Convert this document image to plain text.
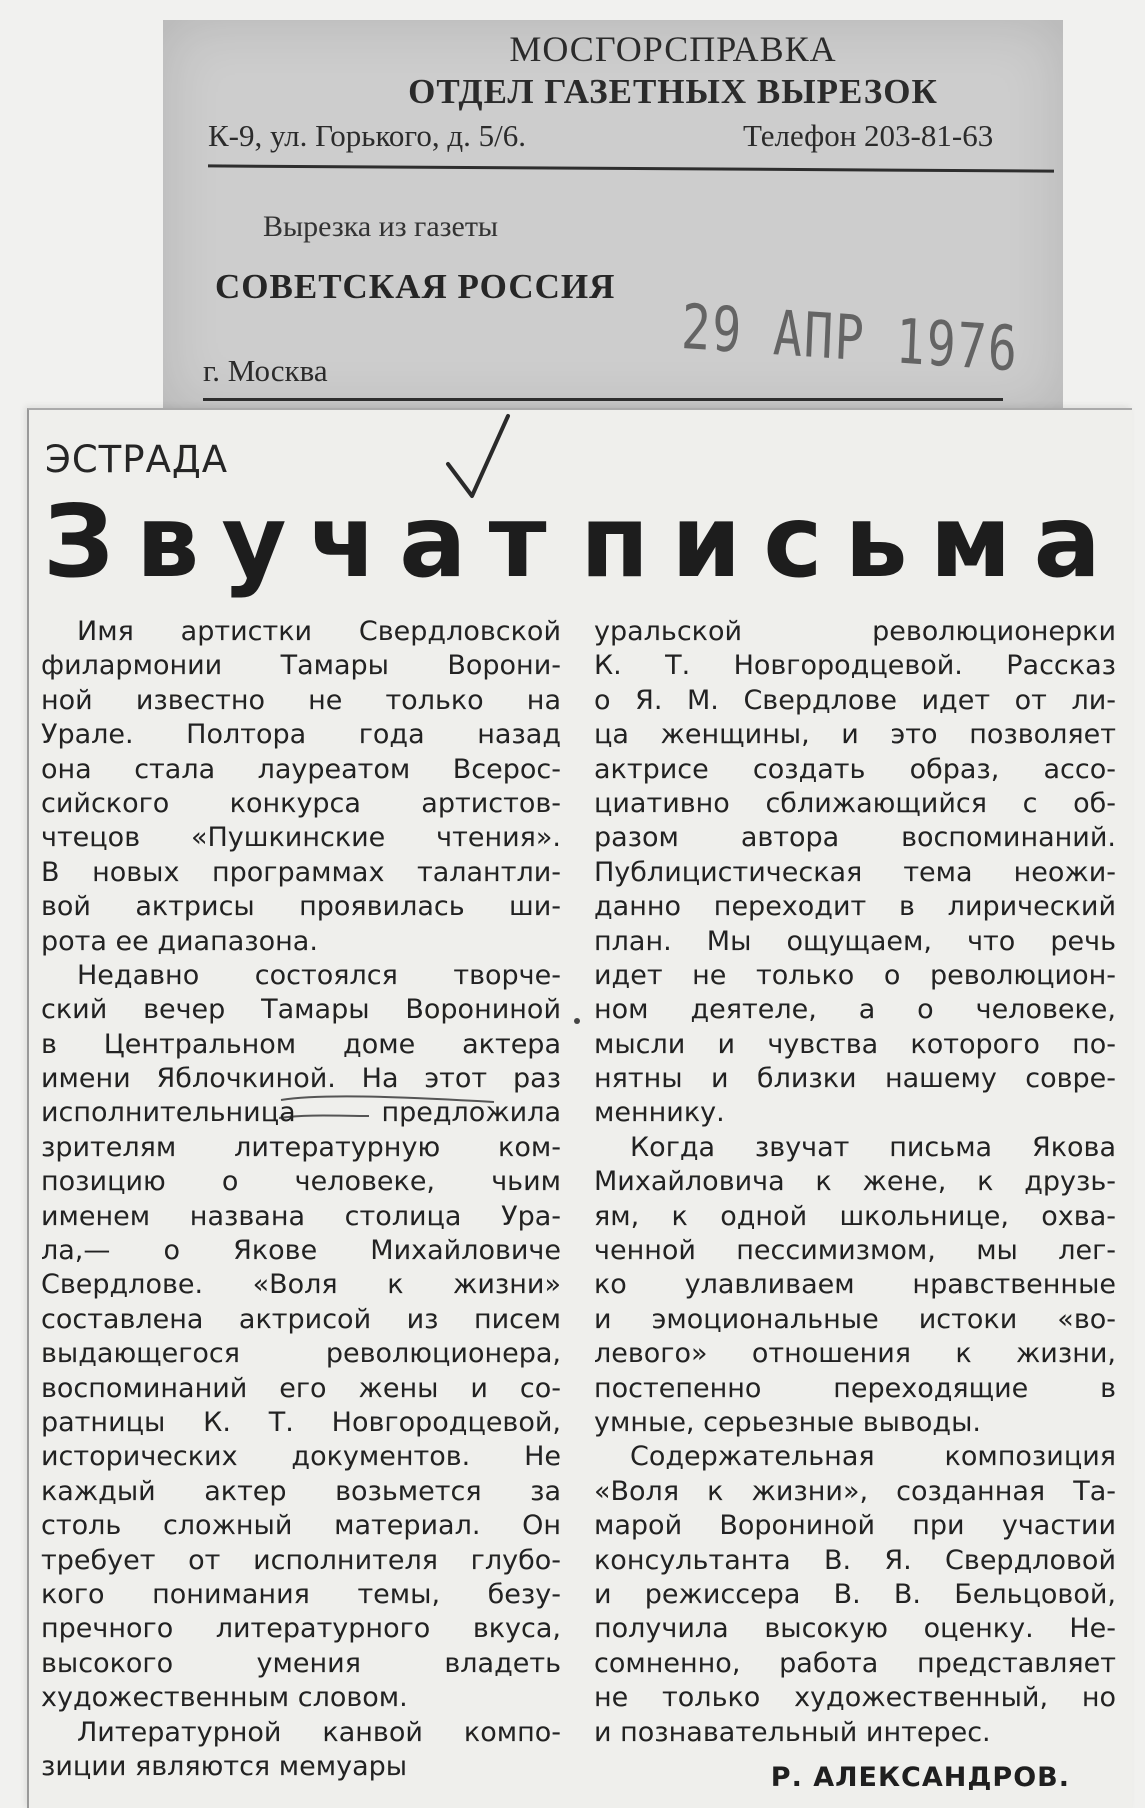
МОСГОРСПРАВКА
ОТДЕЛ ГАЗЕТНЫХ ВЫРЕЗОК
К-9, ул. Горького, д. 5/6.	Телефон 203-81-63
Вырезка из газеты
СОВЕТСКАЯ РОССИЯ
г. Москва	29 АПР 1976
ЭСТРАДА
Звучат письма
Имя артистки Свердловской
филармонии Тамары Ворони-
ной известно не только на
Урале. Полтора года назад
она стала лауреатом Всерос-
сийского конкурса артистов-
чтецов «Пушкинские чтения».
В новых программах талантли-
вой актрисы проявилась ши-
рота ее диапазона.
Недавно состоялся творче-
ский вечер Тамары Ворониной
в Центральном доме актера
имени Яблочкиной. На этот раз
исполнительница предложила
зрителям литературную ком-
позицию о человеке, чьим
именем названа столица Ура-
ла,— о Якове Михайловиче
Свердлове. «Воля к жизни»
составлена актрисой из писем
выдающегося революционера,
воспоминаний его жены и со-
ратницы К. Т. Новгородцевой,
исторических документов. Не
каждый актер возьмется за
столь сложный материал. Он
требует от исполнителя глубо-
кого понимания темы, безу-
пречного литературного вкуса,
высокого умения владеть
художественным словом.
Литературной канвой компо-
зиции являются мемуары
уральской революционерки
К. Т. Новгородцевой. Рассказ
о Я. М. Свердлове идет от ли-
ца женщины, и это позволяет
актрисе создать образ, ассо-
циативно сближающийся с об-
разом автора воспоминаний.
Публицистическая тема неожи-
данно переходит в лирический
план. Мы ощущаем, что речь
идет не только о революцион-
ном деятеле, а о человеке,
мысли и чувства которого по-
нятны и близки нашему совре-
меннику.
Когда звучат письма Якова
Михайловича к жене, к друзь-
ям, к одной школьнице, охва-
ченной пессимизмом, мы лег-
ко улавливаем нравственные
и эмоциональные истоки «во-
левого» отношения к жизни,
постепенно переходящие в
умные, серьезные выводы.
Содержательная композиция
«Воля к жизни», созданная Та-
марой Ворониной при участии
консультанта В. Я. Свердловой
и режиссера В. В. Бельцовой,
получила высокую оценку. Не-
сомненно, работа представляет
не только художественный, но
и познавательный интерес.
Р. АЛЕКСАНДРОВ.
